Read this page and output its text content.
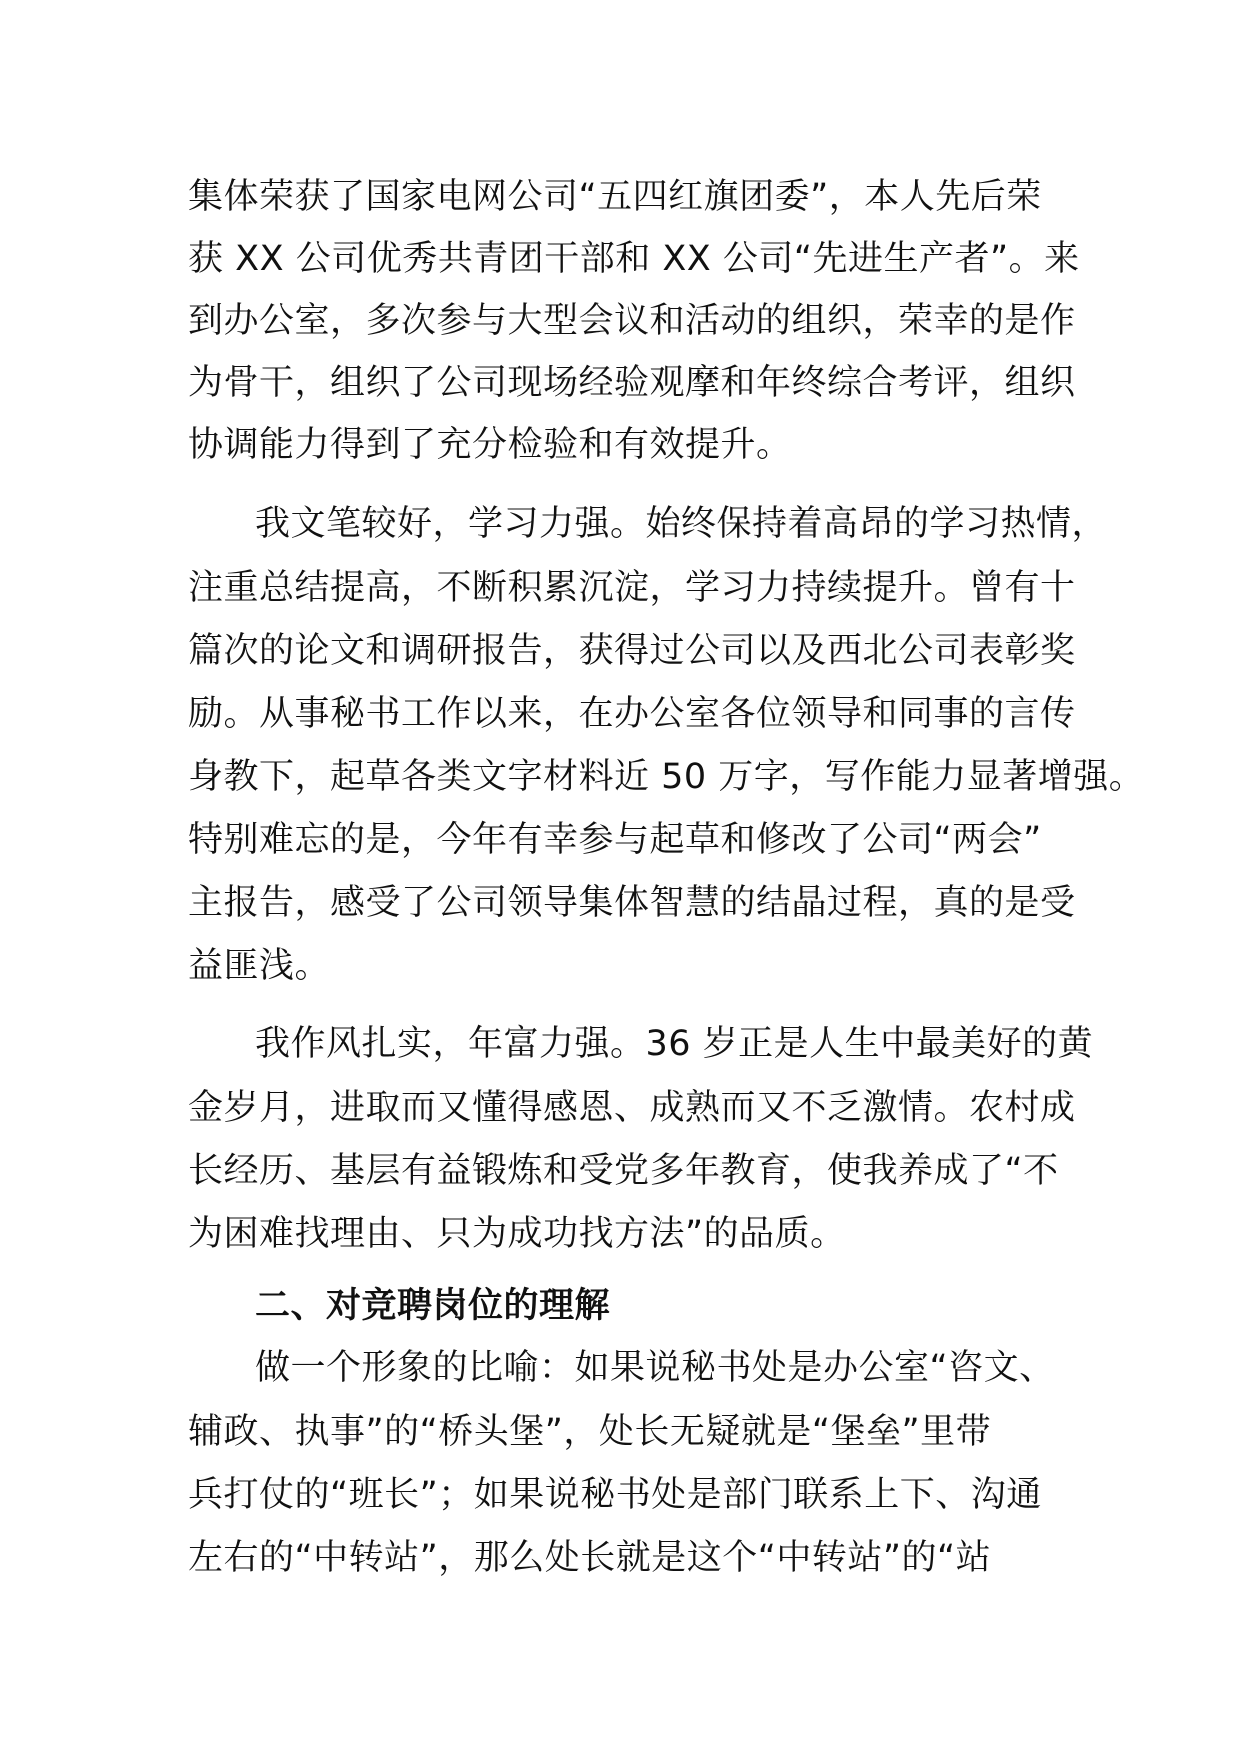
集体荣获了国家电网公司“五四红旗团委”，本人先后荣
获 XX 公司优秀共青团干部和 XX 公司“先进生产者”。来
到办公室，多次参与大型会议和活动的组织，荣幸的是作
为骨干，组织了公司现场经验观摩和年终综合考评，组织
协调能力得到了充分检验和有效提升。
我文笔较好，学习力强。始终保持着高昂的学习热情，
注重总结提高，不断积累沉淀，学习力持续提升。曾有十
篇次的论文和调研报告，获得过公司以及西北公司表彰奖
励。从事秘书工作以来，在办公室各位领导和同事的言传
身教下，起草各类文字材料近 50 万字，写作能力显著增强。
特别难忘的是，今年有幸参与起草和修改了公司“两会”
主报告，感受了公司领导集体智慧的结晶过程，真的是受
益匪浅。
我作风扎实，年富力强。36 岁正是人生中最美好的黄
金岁月，进取而又懂得感恩、成熟而又不乏激情。农村成
长经历、基层有益锻炼和受党多年教育，使我养成了“不
为困难找理由、只为成功找方法”的品质。
二、对竞聘岗位的理解
做一个形象的比喻：如果说秘书处是办公室“咨文、
辅政、执事”的“桥头堡”，处长无疑就是“堡垒”里带
兵打仗的“班长”；如果说秘书处是部门联系上下、沟通
左右的“中转站”，那么处长就是这个“中转站”的“站
